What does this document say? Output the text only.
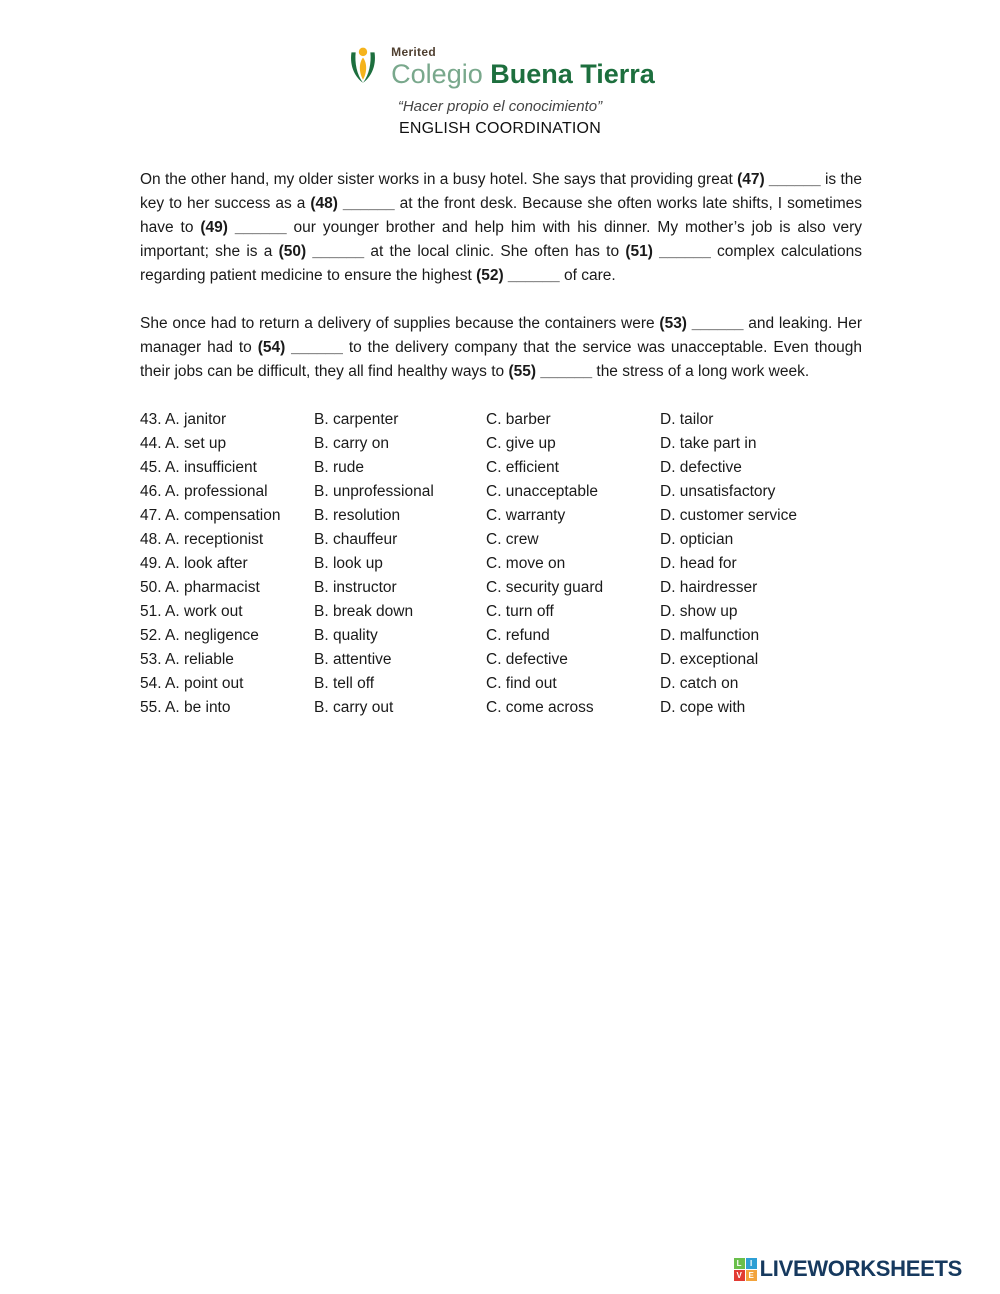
Merited
Colegio Buena Tierra
“Hacer propio el conocimiento”
ENGLISH COORDINATION

On the other hand, my older sister works in a busy hotel. She says that providing great (47) ______ is the key to her success as a (48) ______ at the front desk. Because she often works late shifts, I sometimes have to (49) ______ our younger brother and help him with his dinner. My mother’s job is also very important; she is a (50) ______ at the local clinic. She often has to (51) ______ complex calculations regarding patient medicine to ensure the highest (52) ______ of care.

She once had to return a delivery of supplies because the containers were (53) ______ and leaking. Her manager had to (54) ______ to the delivery company that the service was unacceptable. Even though their jobs can be difficult, they all find healthy ways to (55) ______ the stress of a long work week.

43. A. janitor	B. carpenter	C. barber	D. tailor
44. A. set up	B. carry on	C. give up	D. take part in
45. A. insufficient	B. rude	C. efficient	D. defective
46. A. professional	B. unprofessional	C. unacceptable	D. unsatisfactory
47. A. compensation	B. resolution	C. warranty	D. customer service
48. A. receptionist	B. chauffeur	C. crew	D. optician
49. A. look after	B. look up	C. move on	D. head for
50. A. pharmacist	B. instructor	C. security guard	D. hairdresser
51. A. work out	B. break down	C. turn off	D. show up
52. A. negligence	B. quality	C. refund	D. malfunction
53. A. reliable	B. attentive	C. defective	D. exceptional
54. A. point out	B. tell off	C. find out	D. catch on
55. A. be into	B. carry out	C. come across	D. cope with
L	I
V E LIVEWORKSHEETS
